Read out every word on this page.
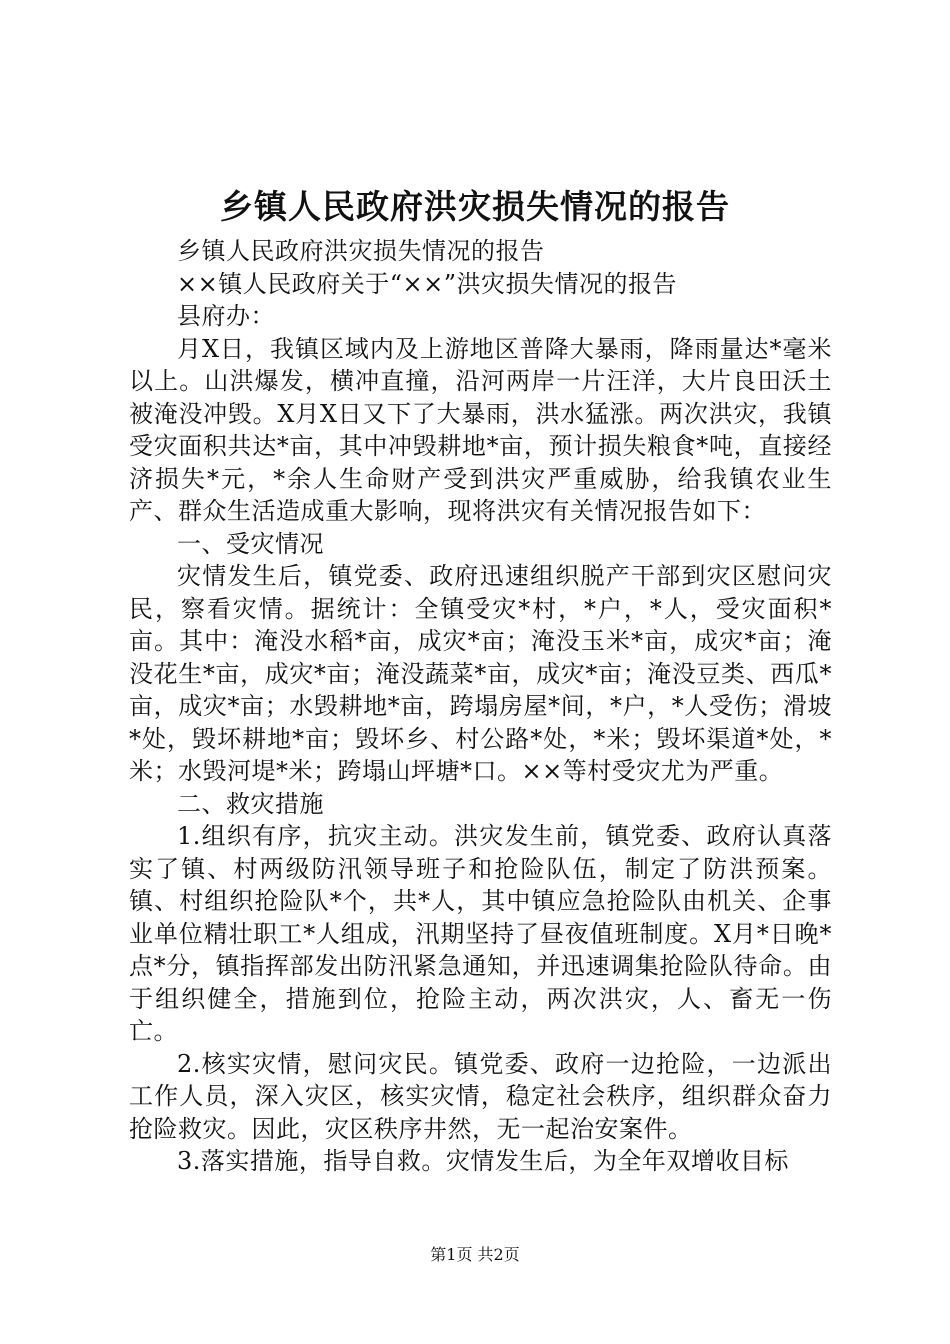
乡镇人民政府洪灾损失情况的报告

乡镇人民政府洪灾损失情况的报告

××镇人民政府关于“××”洪灾损失情况的报告

县府办：

月X日，我镇区域内及上游地区普降大暴雨，降雨量达*毫米以上。山洪爆发，横冲直撞，沿河两岸一片汪洋，大片良田沃土被淹没冲毁。X月X日又下了大暴雨，洪水猛涨。两次洪灾，我镇受灾面积共达*亩，其中冲毁耕地*亩，预计损失粮食*吨，直接经济损失*元，*余人生命财产受到洪灾严重威胁，给我镇农业生产、群众生活造成重大影响，现将洪灾有关情况报告如下：

一、受灾情况

灾情发生后，镇党委、政府迅速组织脱产干部到灾区慰问灾民，察看灾情。据统计：全镇受灾*村，*户，*人，受灾面积*亩。其中：淹没水稻*亩，成灾*亩；淹没玉米*亩，成灾*亩；淹没花生*亩，成灾*亩；淹没蔬菜*亩，成灾*亩；淹没豆类、西瓜*亩，成灾*亩；水毁耕地*亩，跨塌房屋*间，*户，*人受伤；滑坡*处，毁坏耕地*亩；毁坏乡、村公路*处，*米；毁坏渠道*处，*米；水毁河堤*米；跨塌山坪塘*口。××等村受灾尤为严重。

二、救灾措施

1.组织有序，抗灾主动。洪灾发生前，镇党委、政府认真落实了镇、村两级防汛领导班子和抢险队伍，制定了防洪预案。镇、村组织抢险队*个，共*人，其中镇应急抢险队由机关、企事业单位精壮职工*人组成，汛期坚持了昼夜值班制度。X月*日晚*点*分，镇指挥部发出防汛紧急通知，并迅速调集抢险队待命。由于组织健全，措施到位，抢险主动，两次洪灾，人、畜无一伤亡。

2.核实灾情，慰问灾民。镇党委、政府一边抢险，一边派出工作人员，深入灾区，核实灾情，稳定社会秩序，组织群众奋力抢险救灾。因此，灾区秩序井然，无一起治安案件。

3.落实措施，指导自救。灾情发生后，为全年双增收目标

第1页 共2页
